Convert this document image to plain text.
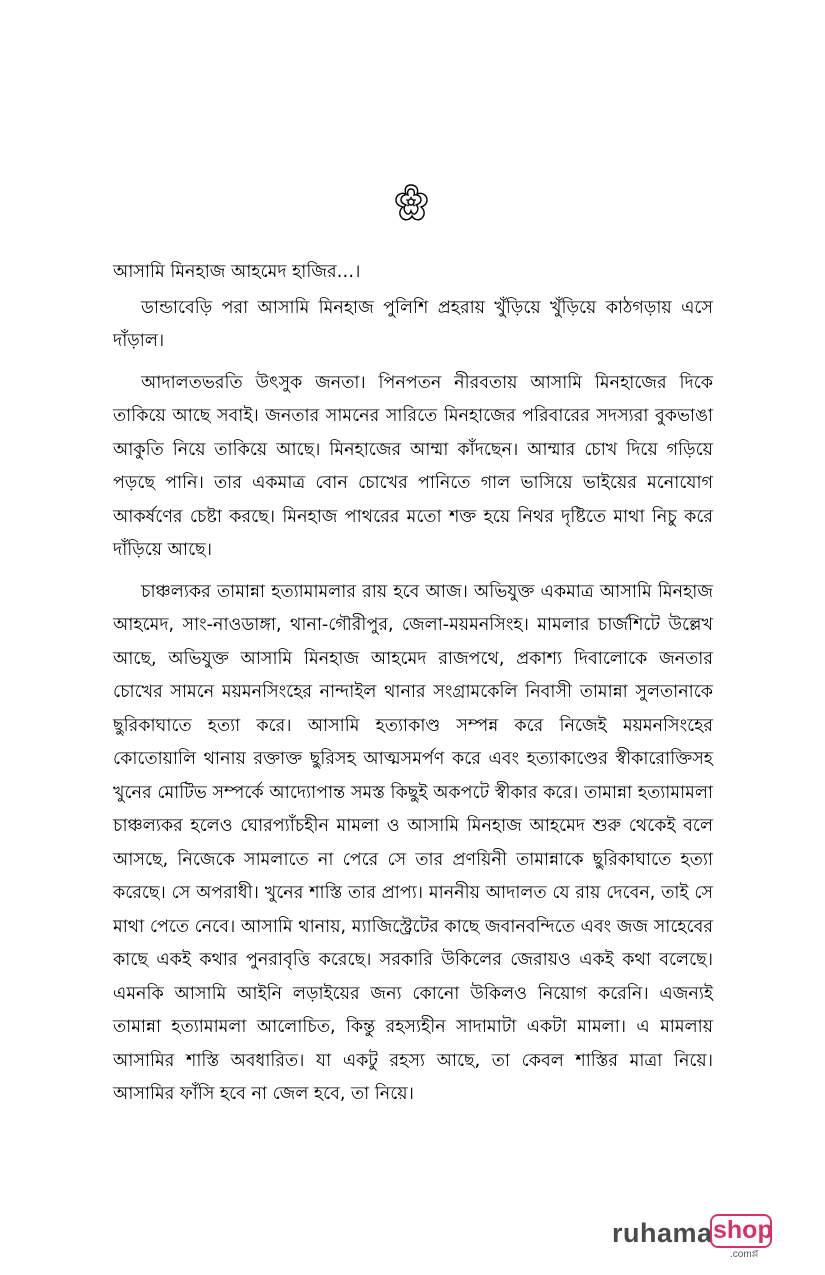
আসামি মিনহাজ আহমেদ হাজির…।

ডান্ডাবেড়ি পরা আসামি মিনহাজ পুলিশি প্রহরায় খুঁড়িয়ে খুঁড়িয়ে কাঠগড়ায় এসে দাঁড়াল।

আদালতভরতি উৎসুক জনতা। পিনপতন নীরবতায় আসামি মিনহাজের দিকে তাকিয়ে আছে সবাই। জনতার সামনের সারিতে মিনহাজের পরিবারের সদস্যরা বুকভাঙা আকুতি নিয়ে তাকিয়ে আছে। মিনহাজের আম্মা কাঁদছেন। আম্মার চোখ দিয়ে গড়িয়ে পড়ছে পানি। তার একমাত্র বোন চোখের পানিতে গাল ভাসিয়ে ভাইয়ের মনোযোগ আকর্ষণের চেষ্টা করছে। মিনহাজ পাথরের মতো শক্ত হয়ে নিথর দৃষ্টিতে মাথা নিচু করে দাঁড়িয়ে আছে।

চাঞ্চল্যকর তামান্না হত্যামামলার রায় হবে আজ। অভিযুক্ত একমাত্র আসামি মিনহাজ আহমেদ, সাং-নাওডাঙ্গা, থানা-গৌরীপুর, জেলা-ময়মনসিংহ। মামলার চার্জশিটে উল্লেখ আছে, অভিযুক্ত আসামি মিনহাজ আহমেদ রাজপথে, প্রকাশ্য দিবালোকে জনতার চোখের সামনে ময়মনসিংহের নান্দাইল থানার সংগ্রামকেলি নিবাসী তামান্না সুলতানাকে ছুরিকাঘাতে হত্যা করে। আসামি হত্যাকাণ্ড সম্পন্ন করে নিজেই ময়মনসিংহের কোতোয়ালি থানায় রক্তাক্ত ছুরিসহ আত্মসমর্পণ করে এবং হত্যাকাণ্ডের স্বীকারোক্তিসহ খুনের মোটিভ সম্পর্কে আদ্যোপান্ত সমস্ত কিছুই অকপটে স্বীকার করে। তামান্না হত্যামামলা চাঞ্চল্যকর হলেও ঘোরপ্যাঁচহীন মামলা ও আসামি মিনহাজ আহমেদ শুরু থেকেই বলে আসছে, নিজেকে সামলাতে না পেরে সে তার প্রণয়িনী তামান্নাকে ছুরিকাঘাতে হত্যা করেছে। সে অপরাধী। খুনের শাস্তি তার প্রাপ্য। মাননীয় আদালত যে রায় দেবেন, তাই সে মাথা পেতে নেবে। আসামি থানায়, ম্যাজিস্ট্রেটের কাছে জবানবন্দিতে এবং জজ সাহেবের কাছে একই কথার পুনরাবৃত্তি করেছে। সরকারি উকিলের জেরায়ও একই কথা বলেছে। এমনকি আসামি আইনি লড়াইয়ের জন্য কোনো উকিলও নিয়োগ করেনি। এজন্যই তামান্না হত্যামামলা আলোচিত, কিন্তু রহস্যহীন সাদামাটা একটা মামলা। এ মামলায় আসামির শাস্তি অবধারিত। যা একটু রহস্য আছে, তা কেবল শাস্তির মাত্রা নিয়ে। আসামির ফাঁসি হবে না জেল হবে, তা নিয়ে।

ruhama shop
.comপ্ল
